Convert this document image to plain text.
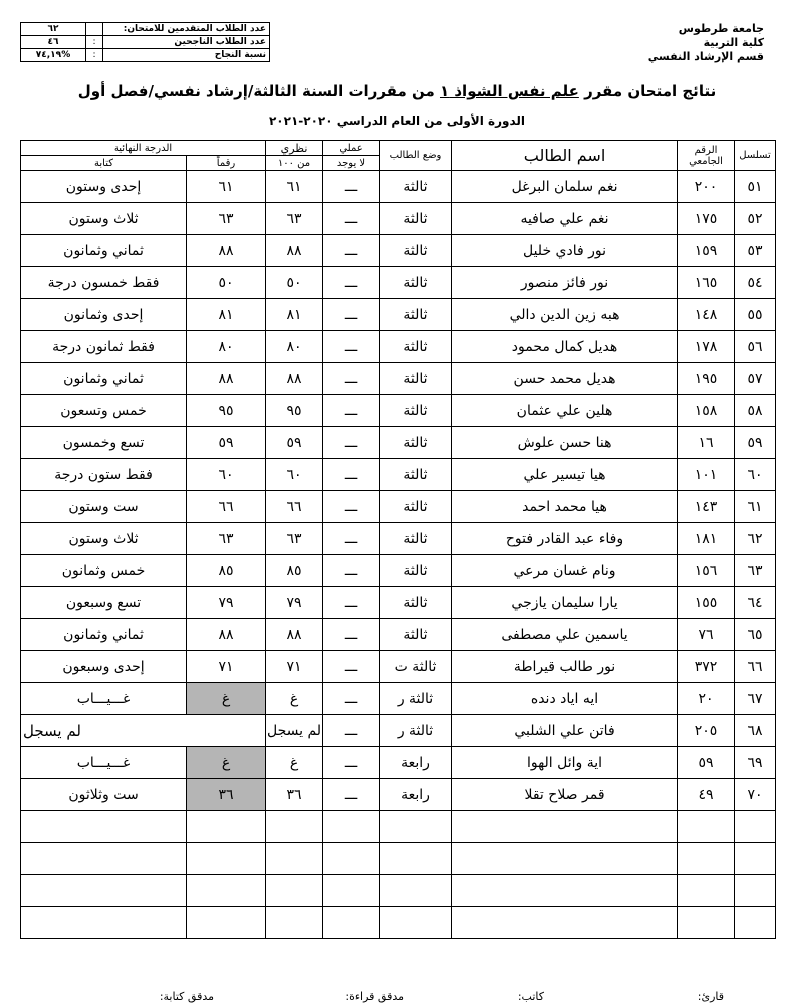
جامعة طرطوس
كلية التربية
قسم الإرشاد النفسي
٦٢		عدد الطلاب المتقدمين للامتحان:
٤٦	:	عدد الطلاب الناجحين
%٧٤,١٩	:	نسبة النجاح
نتائج امتحان مقرر علم نفس الشواذ ١ من مقررات السنة الثالثة/إرشاد نفسي/فصل أول
الدورة الأولى من العام الدراسي ٢٠٢٠-٢٠٢١
تسلسل	الرقم الجامعي	اسم الطالب	وضع الطالب	عملي	نظري	الدرجة النهائية	
				لا يوجد	من ١٠٠	رقماً	كتابة
٥١	٢٠٠	نغم سلمان البرغل	ثالثة	ـــ	٦١	٦١	إحدى وستون
٥٢	١٧٥	نغم علي صافيه	ثالثة	ـــ	٦٣	٦٣	ثلاث وستون
٥٣	١٥٩	نور فادي خليل	ثالثة	ـــ	٨٨	٨٨	ثماني وثمانون
٥٤	١٦٥	نور فائز منصور	ثالثة	ـــ	٥٠	٥٠	فقط خمسون درجة
٥٥	١٤٨	هبه زين الدين دالي	ثالثة	ـــ	٨١	٨١	إحدى وثمانون
٥٦	١٧٨	هديل كمال محمود	ثالثة	ـــ	٨٠	٨٠	فقط ثمانون درجة
٥٧	١٩٥	هديل محمد حسن	ثالثة	ـــ	٨٨	٨٨	ثماني وثمانون
٥٨	١٥٨	هلين علي عثمان	ثالثة	ـــ	٩٥	٩٥	خمس وتسعون
٥٩	١٦	هنا حسن علوش	ثالثة	ـــ	٥٩	٥٩	تسع وخمسون
٦٠	١٠١	هيا تيسير علي	ثالثة	ـــ	٦٠	٦٠	فقط ستون درجة
٦١	١٤٣	هيا محمد احمد	ثالثة	ـــ	٦٦	٦٦	ست وستون
٦٢	١٨١	وفاء عبد القادر فتوح	ثالثة	ـــ	٦٣	٦٣	ثلاث وستون
٦٣	١٥٦	ونام غسان مرعي	ثالثة	ـــ	٨٥	٨٥	خمس وثمانون
٦٤	١٥٥	يارا سليمان يازجي	ثالثة	ـــ	٧٩	٧٩	تسع وسبعون
٦٥	٧٦	ياسمين علي مصطفى	ثالثة	ـــ	٨٨	٨٨	ثماني وثمانون
٦٦	٣٧٢	نور طالب قيراطة	ثالثة ت	ـــ	٧١	٧١	إحدى وسبعون
٦٧	٢٠	ايه اياد دنده	ثالثة ر	ـــ	غ	غ	غـــيـــاب
٦٨	٢٠٥	فاتن علي الشلبي	ثالثة ر	ـــ	لم يسجل	لم يسجل	
٦٩	٥٩	اية وائل الهوا	رابعة	ـــ	غ	غ	غـــيـــاب
٧٠	٤٩	قمر صلاح تقلا	رابعة	ـــ	٣٦	٣٦	ست وثلاثون

قارئ:
كاتب:
مدقق قراءة:
مدقق كتابة:
